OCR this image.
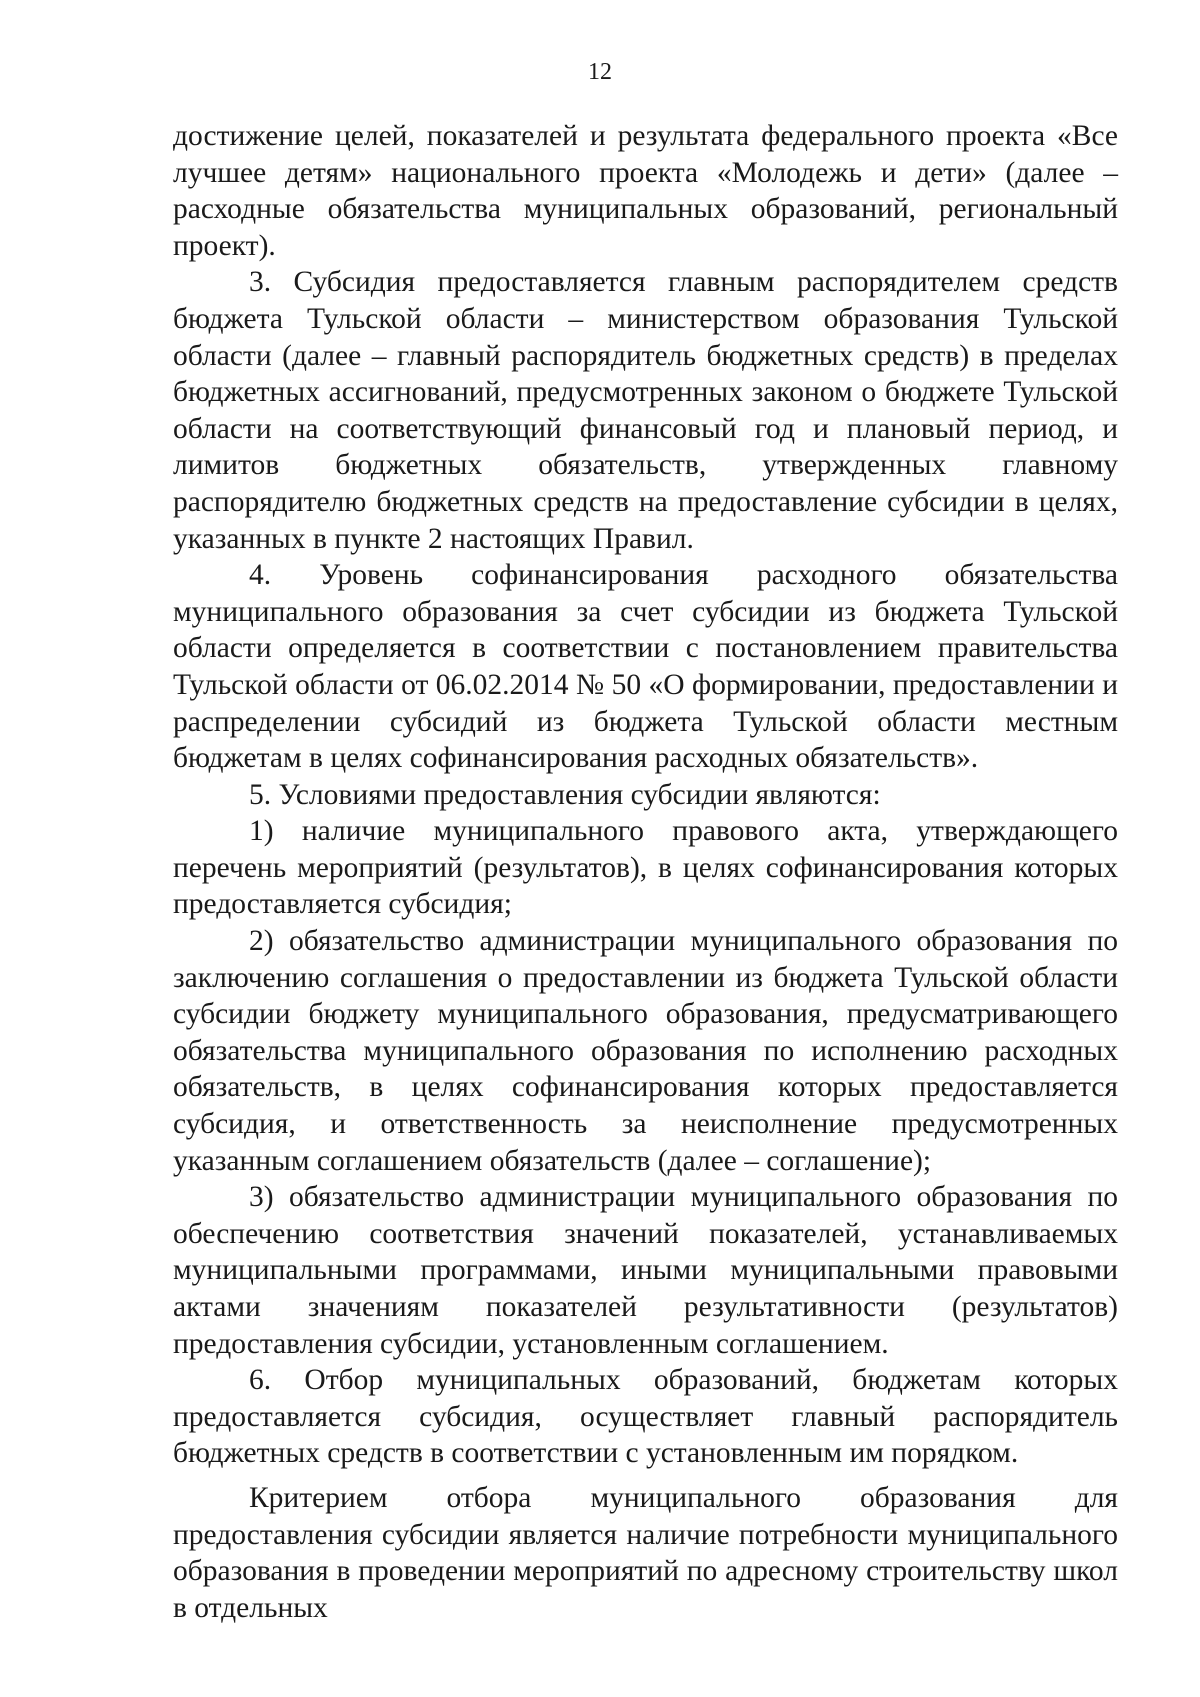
12

достижение целей, показателей и результата федерального проекта «Все лучшее детям» национального проекта «Молодежь и дети» (далее – расходные обязательства муниципальных образований, региональный проект).

3. Субсидия предоставляется главным распорядителем средств бюджета Тульской области – министерством образования Тульской области (далее – главный распорядитель бюджетных средств) в пределах бюджетных ассигнований, предусмотренных законом о бюджете Тульской области на соответствующий финансовый год и плановый период, и лимитов бюджетных обязательств, утвержденных главному распорядителю бюджетных средств на предоставление субсидии в целях, указанных в пункте 2 настоящих Правил.

4. Уровень софинансирования расходного обязательства муниципального образования за счет субсидии из бюджета Тульской области определяется в соответствии с постановлением правительства Тульской области от 06.02.2014 № 50 «О формировании, предоставлении и распределении субсидий из бюджета Тульской области местным бюджетам в целях софинансирования расходных обязательств».

5. Условиями предоставления субсидии являются:

1) наличие муниципального правового акта, утверждающего перечень мероприятий (результатов), в целях софинансирования которых предоставляется субсидия;

2) обязательство администрации муниципального образования по заключению соглашения о предоставлении из бюджета Тульской области субсидии бюджету муниципального образования, предусматривающего обязательства муниципального образования по исполнению расходных обязательств, в целях софинансирования которых предоставляется субсидия, и ответственность за неисполнение предусмотренных указанным соглашением обязательств (далее – соглашение);

3) обязательство администрации муниципального образования по обеспечению соответствия значений показателей, устанавливаемых муниципальными программами, иными муниципальными правовыми актами значениям показателей результативности (результатов) предоставления субсидии, установленным соглашением.

6. Отбор муниципальных образований, бюджетам которых предоставляется субсидия, осуществляет главный распорядитель бюджетных средств в соответствии с установленным им порядком.

Критерием отбора муниципального образования для предоставления субсидии является наличие потребности муниципального образования в проведении мероприятий по адресному строительству школ в отдельных
